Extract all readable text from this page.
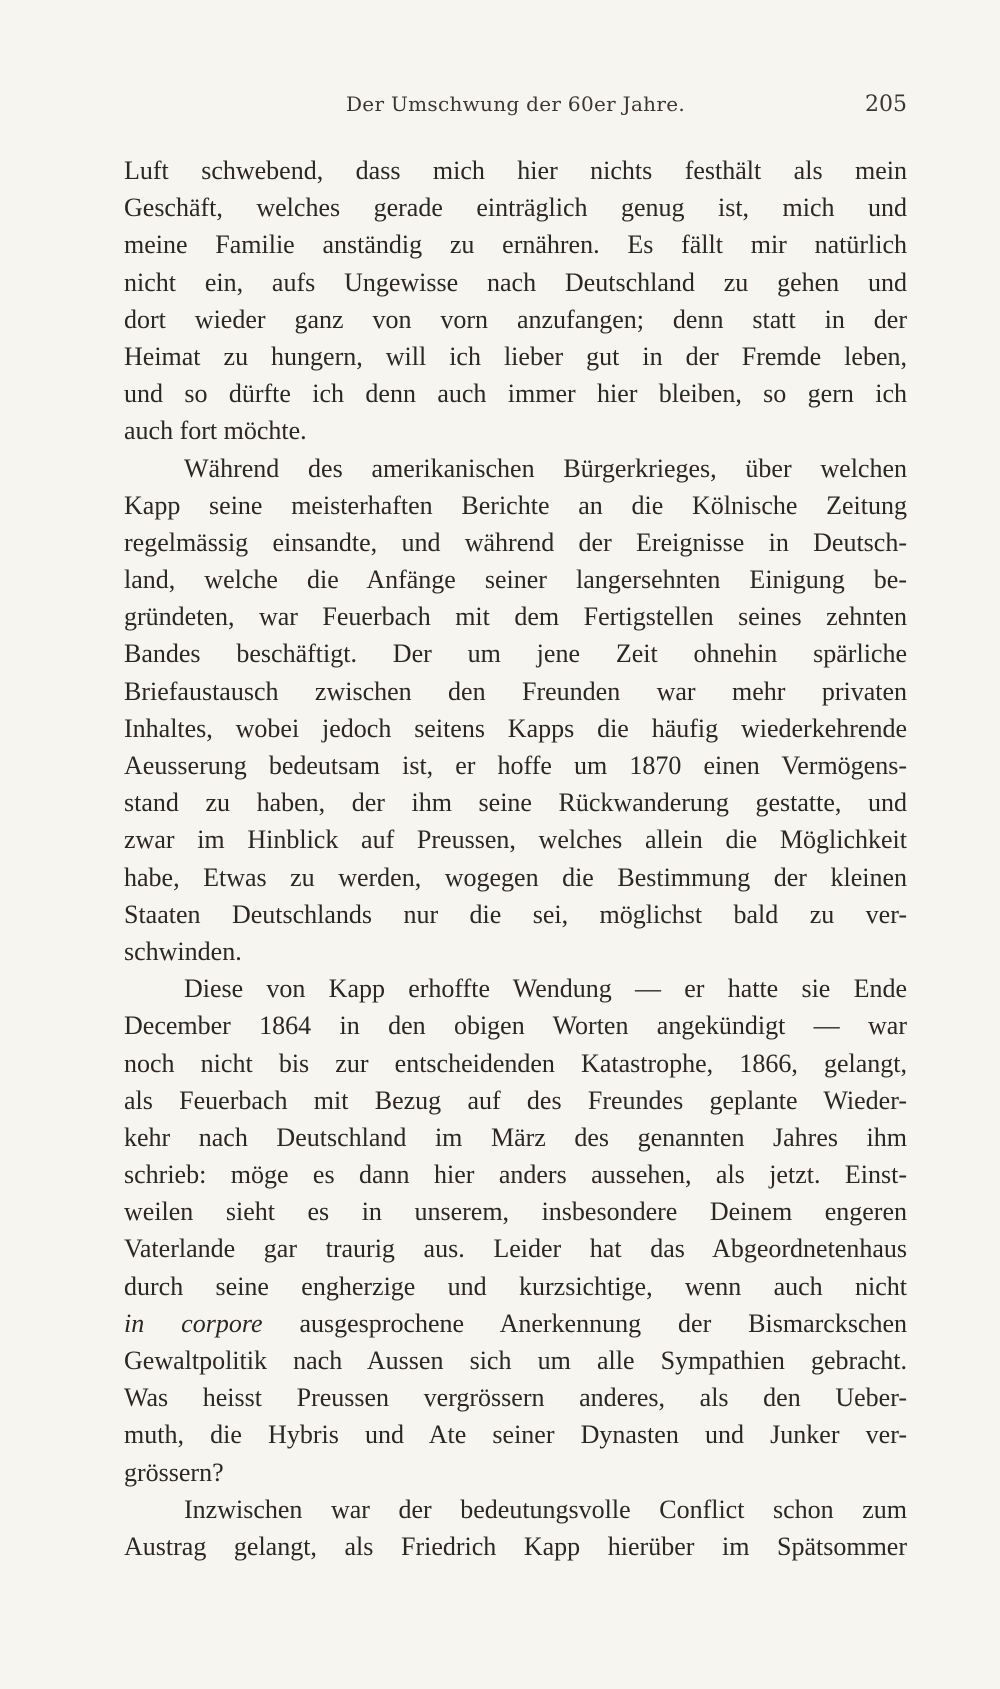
Der Umschwung der 60er Jahre.	205
Luft schwebend, dass mich hier nichts festhält als mein
Geschäft, welches gerade einträglich genug ist, mich und
meine Familie anständig zu ernähren. Es fällt mir natürlich
nicht ein, aufs Ungewisse nach Deutschland zu gehen und
dort wieder ganz von vorn anzufangen; denn statt in der
Heimat zu hungern, will ich lieber gut in der Fremde leben,
und so dürfte ich denn auch immer hier bleiben, so gern ich
auch fort möchte.
Während des amerikanischen Bürgerkrieges, über welchen
Kapp seine meisterhaften Berichte an die Kölnische Zeitung
regelmässig einsandte, und während der Ereignisse in Deutsch-
land, welche die Anfänge seiner langersehnten Einigung be-
gründeten, war Feuerbach mit dem Fertigstellen seines zehnten
Bandes beschäftigt. Der um jene Zeit ohnehin spärliche
Briefaustausch zwischen den Freunden war mehr privaten
Inhaltes, wobei jedoch seitens Kapps die häufig wiederkehrende
Aeusserung bedeutsam ist, er hoffe um 1870 einen Vermögens-
stand zu haben, der ihm seine Rückwanderung gestatte, und
zwar im Hinblick auf Preussen, welches allein die Möglichkeit
habe, Etwas zu werden, wogegen die Bestimmung der kleinen
Staaten Deutschlands nur die sei, möglichst bald zu ver-
schwinden.
Diese von Kapp erhoffte Wendung — er hatte sie Ende
December 1864 in den obigen Worten angekündigt — war
noch nicht bis zur entscheidenden Katastrophe, 1866, gelangt,
als Feuerbach mit Bezug auf des Freundes geplante Wieder-
kehr nach Deutschland im März des genannten Jahres ihm
schrieb: möge es dann hier anders aussehen, als jetzt. Einst-
weilen sieht es in unserem, insbesondere Deinem engeren
Vaterlande gar traurig aus. Leider hat das Abgeordnetenhaus
durch seine engherzige und kurzsichtige, wenn auch nicht
in corpore ausgesprochene Anerkennung der Bismarckschen
Gewaltpolitik nach Aussen sich um alle Sympathien gebracht.
Was heisst Preussen vergrössern anderes, als den Ueber-
muth, die Hybris und Ate seiner Dynasten und Junker ver-
grössern?
Inzwischen war der bedeutungsvolle Conflict schon zum
Austrag gelangt, als Friedrich Kapp hierüber im Spätsommer
